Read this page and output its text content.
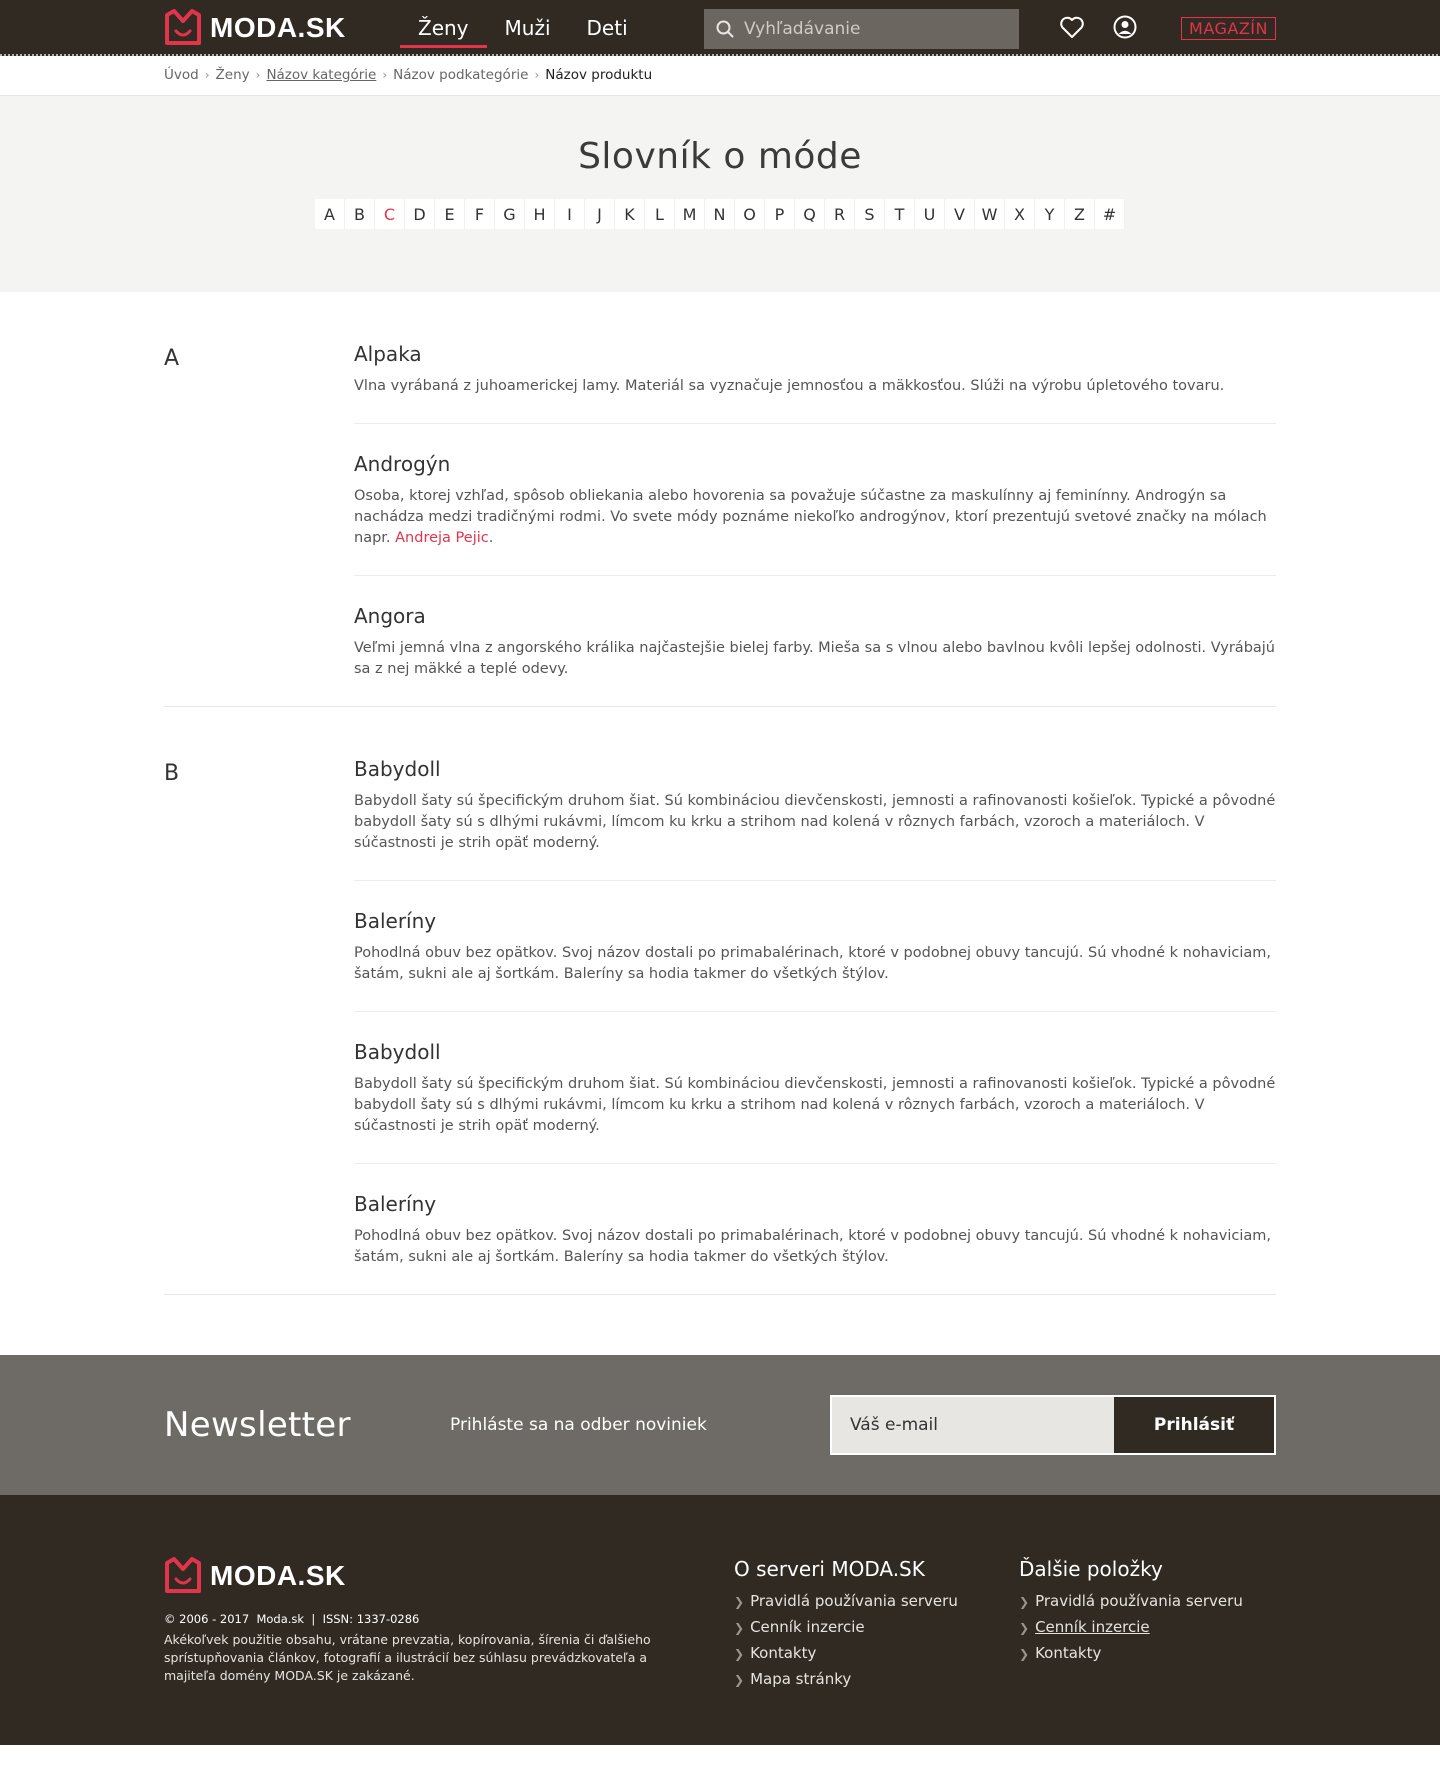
MODA.SK	Ženy	Muži	Deti
Vyhľadávanie	MAGAZÍN
Úvod › Ženy › Názov kategórie › Názov podkategórie › Názov produktu
Slovník o móde
A	B	C	D	E	F	G	H	I	J	K	L	M	N	O	P	Q	R	S	T	U	V	W	X	Y	Z	#
A	Alpaka

Vlna vyrábaná z juhoamerickej lamy. Materiál sa vyznačuje jemnosťou a mäkkosťou. Slúži na výrobu úpletového tovaru.

Androgýn

Osoba, ktorej vzhľad, spôsob obliekania alebo hovorenia sa považuje súčastne za maskulínny aj feminínny. Androgýn sa nachádza medzi tradičnými rodmi. Vo svete módy poznáme niekoľko androgýnov, ktorí prezentujú svetové značky na mólach napr. Andreja Pejic.

Angora

Veľmi jemná vlna z angorského králika najčastejšie bielej farby. Mieša sa s vlnou alebo bavlnou kvôli lepšej odolnosti. Vyrábajú sa z nej mäkké a teplé odevy.

B	Babydoll

Babydoll šaty sú špecifickým druhom šiat. Sú kombináciou dievčenskosti, jemnosti a rafinovanosti košieľok. Typické a pôvodné babydoll šaty sú s dlhými rukávmi, límcom ku krku a strihom nad kolená v rôznych farbách, vzoroch a materiáloch. V súčastnosti je strih opäť moderný.

Baleríny

Pohodlná obuv bez opätkov. Svoj názov dostali po primabalérinach, ktoré v podobnej obuvy tancujú. Sú vhodné k nohaviciam, šatám, sukni ale aj šortkám. Baleríny sa hodia takmer do všetkých štýlov.

Babydoll

Babydoll šaty sú špecifickým druhom šiat. Sú kombináciou dievčenskosti, jemnosti a rafinovanosti košieľok. Typické a pôvodné babydoll šaty sú s dlhými rukávmi, límcom ku krku a strihom nad kolená v rôznych farbách, vzoroch a materiáloch. V súčastnosti je strih opäť moderný.

Baleríny

Pohodlná obuv bez opätkov. Svoj názov dostali po primabalérinach, ktoré v podobnej obuvy tancujú. Sú vhodné k nohaviciam, šatám, sukni ale aj šortkám. Baleríny sa hodia takmer do všetkých štýlov.

Newsletter	Prihláste sa na odber noviniek
Váš e-mail	Prihlásiť
MODA.SK
© 2006 - 2017  Moda.sk  |  ISSN: 1337-0286
Akékoľvek použitie obsahu, vrátane prevzatia, kopírovania, šírenia či ďalšieho sprístupňovania článkov, fotografií a ilustrácií bez súhlasu prevádzkovateľa a majiteľa domény MODA.SK je zakázané.
O serveri MODA.SK
❯ Pravidlá používania serveru
❯ Cenník inzercie
❯ Kontakty
❯ Mapa stránky
Ďalšie položky
❯ Pravidlá používania serveru
❯ Cenník inzercie
❯ Kontakty
